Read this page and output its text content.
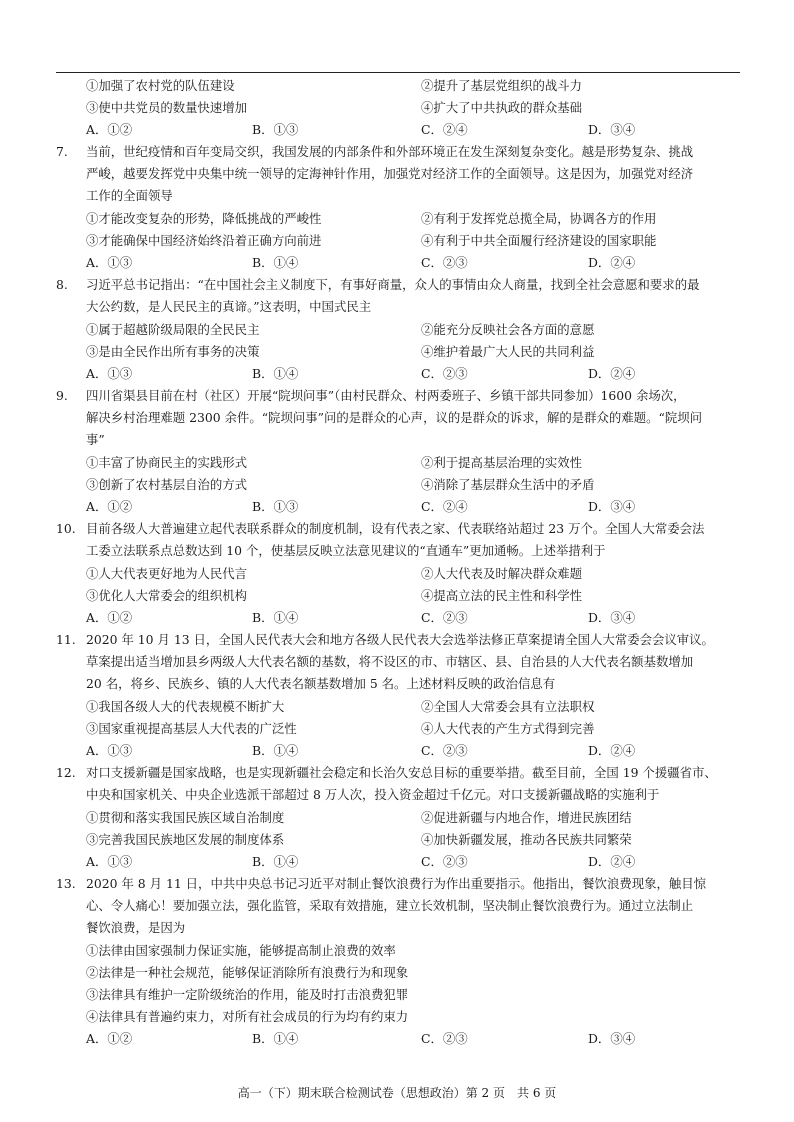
①加强了农村党的队伍建设	②提升了基层党组织的战斗力
③使中共党员的数量快速增加	④扩大了中共执政的群众基础
A．①②	B．①③	C．②④	D．③④
7. 当前，世纪疫情和百年变局交织，我国发展的内部条件和外部环境正在发生深刻复杂变化。越是形势复杂、挑战
严峻，越要发挥党中央集中统一领导的定海神针作用，加强党对经济工作的全面领导。这是因为，加强党对经济
工作的全面领导
①才能改变复杂的形势，降低挑战的严峻性	②有利于发挥党总揽全局，协调各方的作用
③才能确保中国经济始终沿着正确方向前进	④有利于中共全面履行经济建设的国家职能
A．①③	B．①④	C．②③	D．②④
8. 习近平总书记指出：“在中国社会主义制度下，有事好商量，众人的事情由众人商量，找到全社会意愿和要求的最
大公约数，是人民民主的真谛。”这表明，中国式民主
①属于超越阶级局限的全民民主	②能充分反映社会各方面的意愿
③是由全民作出所有事务的决策	④维护着最广大人民的共同利益
A．①③	B．①④	C．②③	D．②④
9. 四川省渠县目前在村（社区）开展“院坝问事”（由村民群众、村两委班子、乡镇干部共同参加）1600 余场次，
解决乡村治理难题 2300 余件。“院坝问事”问的是群众的心声，议的是群众的诉求，解的是群众的难题。“院坝问
事”
①丰富了协商民主的实践形式	②利于提高基层治理的实效性
③创新了农村基层自治的方式	④消除了基层群众生活中的矛盾
A．①②	B．①③	C．②④	D．③④
10. 目前各级人大普遍建立起代表联系群众的制度机制，设有代表之家、代表联络站超过 23 万个。全国人大常委会法
工委立法联系点总数达到 10 个，使基层反映立法意见建议的“直通车”更加通畅。上述举措利于
①人大代表更好地为人民代言	②人大代表及时解决群众难题
③优化人大常委会的组织机构	④提高立法的民主性和科学性
A．①②	B．①④	C．②③	D．③④
11. 2020 年 10 月 13 日，全国人民代表大会和地方各级人民代表大会选举法修正草案提请全国人大常委会会议审议。
草案提出适当增加县乡两级人大代表名额的基数，将不设区的市、市辖区、县、自治县的人大代表名额基数增加
20 名，将乡、民族乡、镇的人大代表名额基数增加 5 名。上述材料反映的政治信息有
①我国各级人大的代表规模不断扩大	②全国人大常委会具有立法职权
③国家重视提高基层人大代表的广泛性	④人大代表的产生方式得到完善
A．①③	B．①④	C．②③	D．②④
12. 对口支援新疆是国家战略，也是实现新疆社会稳定和长治久安总目标的重要举措。截至目前，全国 19 个援疆省市、
中央和国家机关、中央企业选派干部超过 8 万人次，投入资金超过千亿元。对口支援新疆战略的实施利于
①贯彻和落实我国民族区域自治制度	②促进新疆与内地合作，增进民族团结
③完善我国民族地区发展的制度体系	④加快新疆发展，推动各民族共同繁荣
A．①③	B．①④	C．②③	D．②④
13. 2020 年 8 月 11 日，中共中央总书记习近平对制止餐饮浪费行为作出重要指示。他指出，餐饮浪费现象，触目惊
心、令人痛心！要加强立法，强化监管，采取有效措施，建立长效机制，坚决制止餐饮浪费行为。通过立法制止
餐饮浪费，是因为
①法律由国家强制力保证实施，能够提高制止浪费的效率
②法律是一种社会规范，能够保证消除所有浪费行为和现象
③法律具有维护一定阶级统治的作用，能及时打击浪费犯罪
④法律具有普遍约束力，对所有社会成员的行为均有约束力
A．①②	B．①④	C．②③	D．③④
高一（下）期末联合检测试卷（思想政治）第 2 页　共 6 页
